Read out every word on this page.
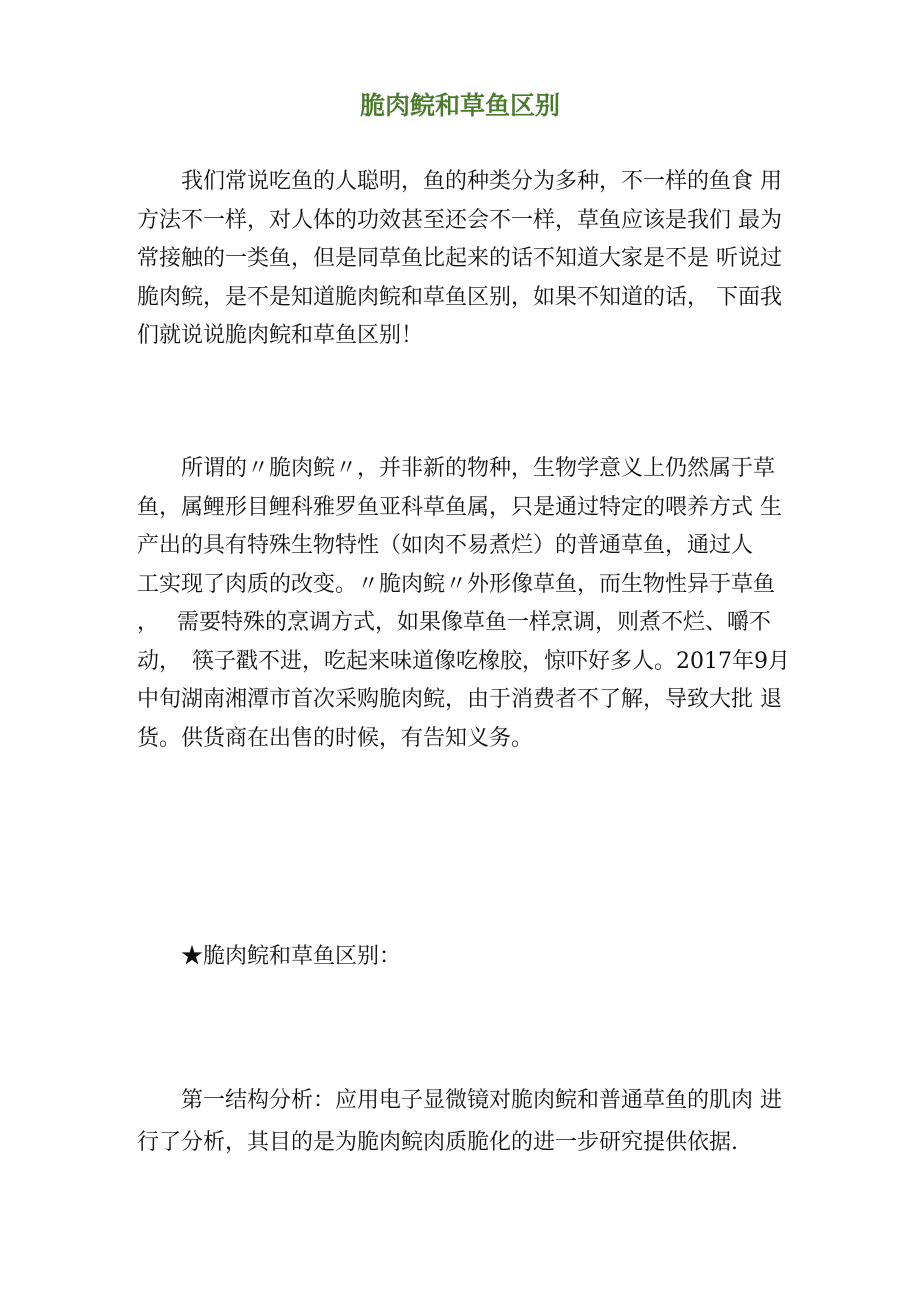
脆肉鲩和草鱼区别
　　我们常说吃鱼的人聪明，鱼的种类分为多种，不一样的鱼食 用
方法不一样，对人体的功效甚至还会不一样，草鱼应该是我们 最为
常接触的一类鱼，但是同草鱼比起来的话不知道大家是不是 听说过
脆肉鲩，是不是知道脆肉鲩和草鱼区别，如果不知道的话， 下面我
们就说说脆肉鲩和草鱼区别！
　　所谓的〃脆肉鲩〃，并非新的物种，生物学意义上仍然属于草
鱼，属鲤形目鲤科雅罗鱼亚科草鱼属，只是通过特定的喂养方式 生
产出的具有特殊生物特性（如肉不易煮烂）的普通草鱼，通过人
工实现了肉质的改变。〃脆肉鲩〃外形像草鱼，而生物性异于草鱼
，　 需要特殊的烹调方式，如果像草鱼一样烹调，则煮不烂、嚼不
动，　筷子戳不进，吃起来味道像吃橡胶，惊吓好多人。2017年9月
中旬湖南湘潭市首次采购脆肉鲩，由于消费者不了解，导致大批 退
货。供货商在出售的时候，有告知义务。
　　★脆肉鲩和草鱼区别：
　　第一结构分析：应用电子显微镜对脆肉鲩和普通草鱼的肌肉 进
行了分析，其目的是为脆肉鲩肉质脆化的进一步研究提供依据.
